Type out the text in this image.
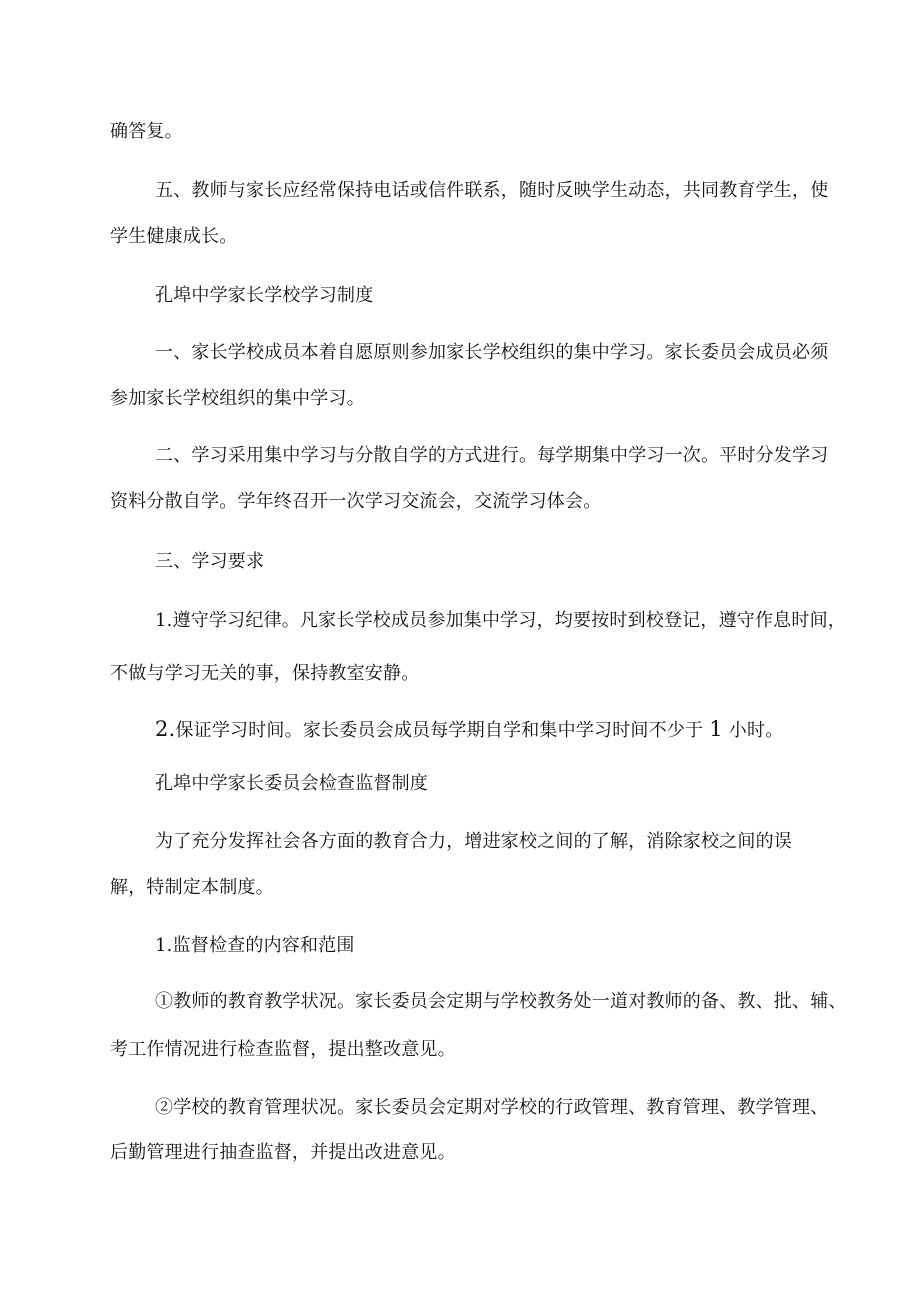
确答复。
五、教师与家长应经常保持电话或信件联系，随时反映学生动态，共同教育学生，使
学生健康成长。
孔埠中学家长学校学习制度
一、家长学校成员本着自愿原则参加家长学校组织的集中学习。家长委员会成员必须
参加家长学校组织的集中学习。
二、学习采用集中学习与分散自学的方式进行。每学期集中学习一次。平时分发学习
资料分散自学。学年终召开一次学习交流会，交流学习体会。
三、学习要求
1.遵守学习纪律。凡家长学校成员参加集中学习，均要按时到校登记，遵守作息时间，
不做与学习无关的事，保持教室安静。
2.保证学习时间。家长委员会成员每学期自学和集中学习时间不少于 1 小时。
孔埠中学家长委员会检查监督制度
为了充分发挥社会各方面的教育合力，增进家校之间的了解，消除家校之间的误
解，特制定本制度。
1.监督检查的内容和范围
①教师的教育教学状况。家长委员会定期与学校教务处一道对教师的备、教、批、辅、
考工作情况进行检查监督，提出整改意见。
②学校的教育管理状况。家长委员会定期对学校的行政管理、教育管理、教学管理、
后勤管理进行抽查监督，并提出改进意见。
